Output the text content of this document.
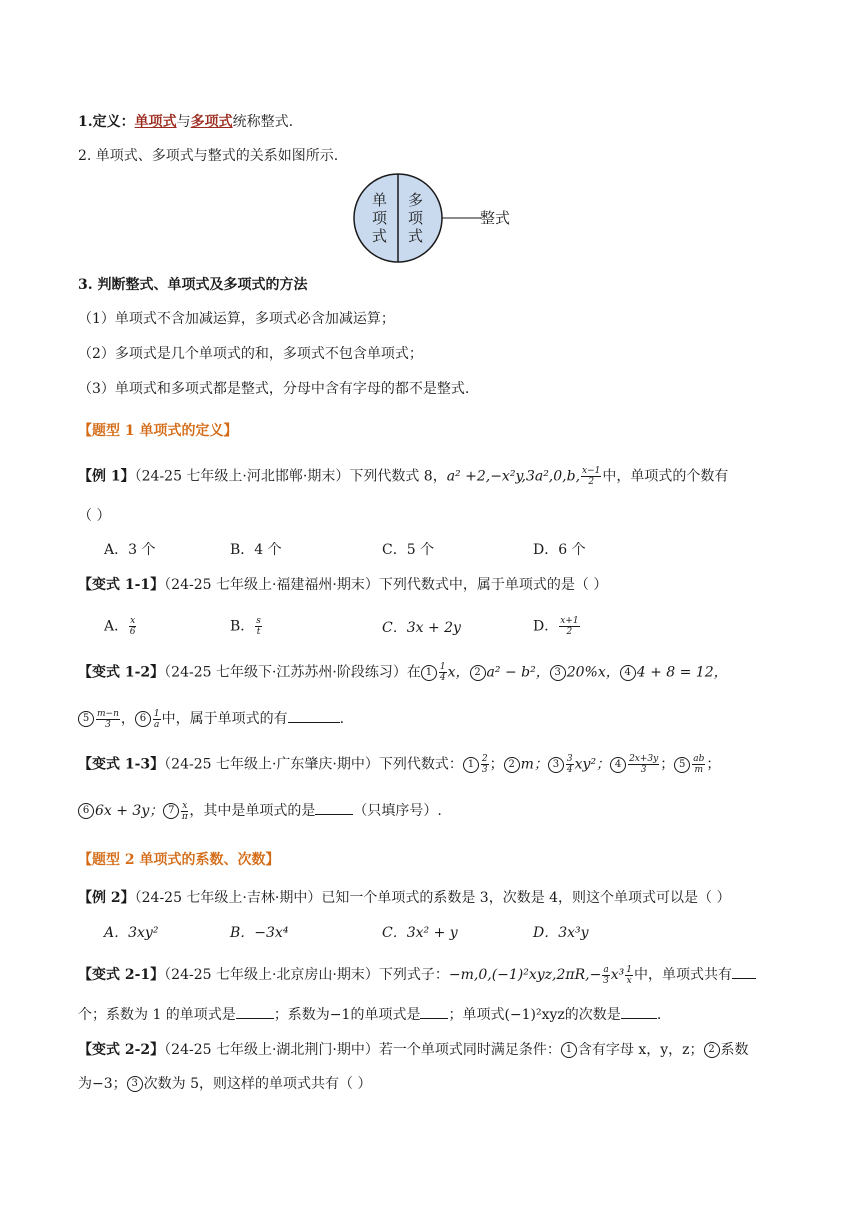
1.定义：单项式与多项式统称整式.
2. 单项式、多项式与整式的关系如图所示.
单
项
式
多
项
式
整式
3. 判断整式、单项式及多项式的方法
（1）单项式不含加减运算，多项式必含加减运算；
（2）多项式是几个单项式的和，多项式不包含单项式；
（3）单项式和多项式都是整式，分母中含有字母的都不是整式.
【题型 1 单项式的定义】
【例 1】（24-25 七年级上·河北邯郸·期末）下列代数式 8，a² +2,−x²y,3a²,0,b, $\frac{x-1}{2}$ 中，单项式的个数有
（ ）
A．3 个	B．4 个	C．5 个	D．6 个
【变式 1-1】（24-25 七年级上·福建福州·期末）下列代数式中，属于单项式的是（ ）
A． $\frac{x}{6}$	B． $\frac{s}{t}$	C．3x + 2y	D． $\frac{x+1}{2}$
【变式 1-2】（24-25 七年级下·江苏苏州·阶段练习）在 $1 \frac{1}{4}$ x， 2 a² − b²， 3 20%x， 4 4 + 8 = 12，
$5 \frac{m-n}{3}$ ， $6 \frac{1}{a}$ 中，属于单项式的有	.
【变式 1-3】（24-25 七年级上·广东肇庆·期中）下列代数式： $1 \frac{2}{3}$ ； 2 m； $3 \frac{3}{4} xy^2$； $4 \frac{2x+3y}{3}$ ； $5 \frac{ab}{m}$ ；
6 6x + 3y； $7 \frac{x}{\pi}$ ，其中是单项式的是	（只填序号）.
【题型 2 单项式的系数、次数】
【例 2】（24-25 七年级上·吉林·期中）已知一个单项式的系数是 3，次数是 4，则这个单项式可以是（ ）
A．3xy²	B．−3x⁴	C．3x² + y	D．3x³y
【变式 2-1】（24-25 七年级上·北京房山·期末）下列式子：$-m,0,(-1)^2xyz,2\pi R,- \frac{a}{3} x^3 \frac{1}{x}$ 中，单项式共有
个；系数为 1 的单项式是	；系数为−1的单项式是 ；单项式(−1)²xyz的次数是	.
【变式 2-2】（24-25 七年级上·湖北荆门·期中）若一个单项式同时满足条件： 1 含有字母 x，y，z； 2 系数
为−3； 3 次数为 5，则这样的单项式共有（ ）
